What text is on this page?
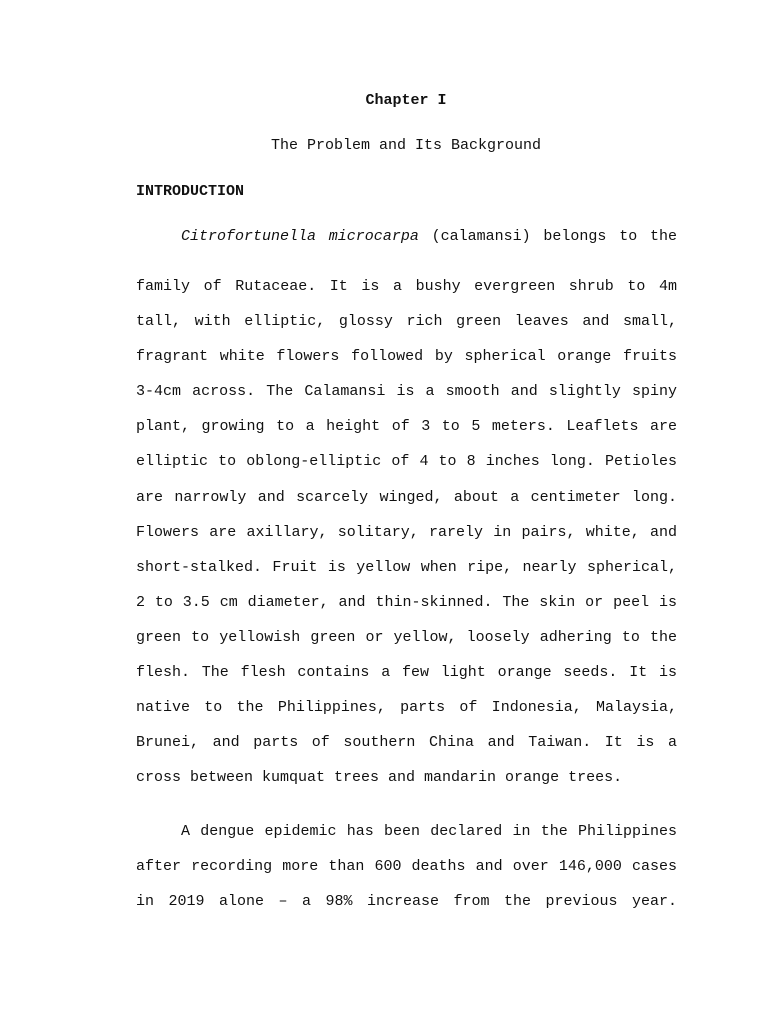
Chapter I
The Problem and Its Background
INTRODUCTION
Citrofortunella microcarpa (calamansi) belongs to the
family of Rutaceae. It is a bushy evergreen shrub to 4m tall, with elliptic, glossy rich green leaves and small, fragrant white flowers followed by spherical orange fruits 3-4cm across. The Calamansi is a smooth and slightly spiny plant, growing to a height of 3 to 5 meters. Leaflets are elliptic to oblong-elliptic of 4 to 8 inches long. Petioles are narrowly and scarcely winged, about a centimeter long. Flowers are axillary, solitary, rarely in pairs, white, and short-stalked. Fruit is yellow when ripe, nearly spherical, 2 to 3.5 cm diameter, and thin-skinned. The skin or peel is green to yellowish green or yellow, loosely adhering to the flesh. The flesh contains a few light orange seeds. It is native to the Philippines, parts of Indonesia, Malaysia, Brunei, and parts of southern China and Taiwan. It is a cross between kumquat trees and mandarin orange trees.
A dengue epidemic has been declared in the Philippines after recording more than 600 deaths and over 146,000 cases in 2019 alone – a 98% increase from the previous year.
